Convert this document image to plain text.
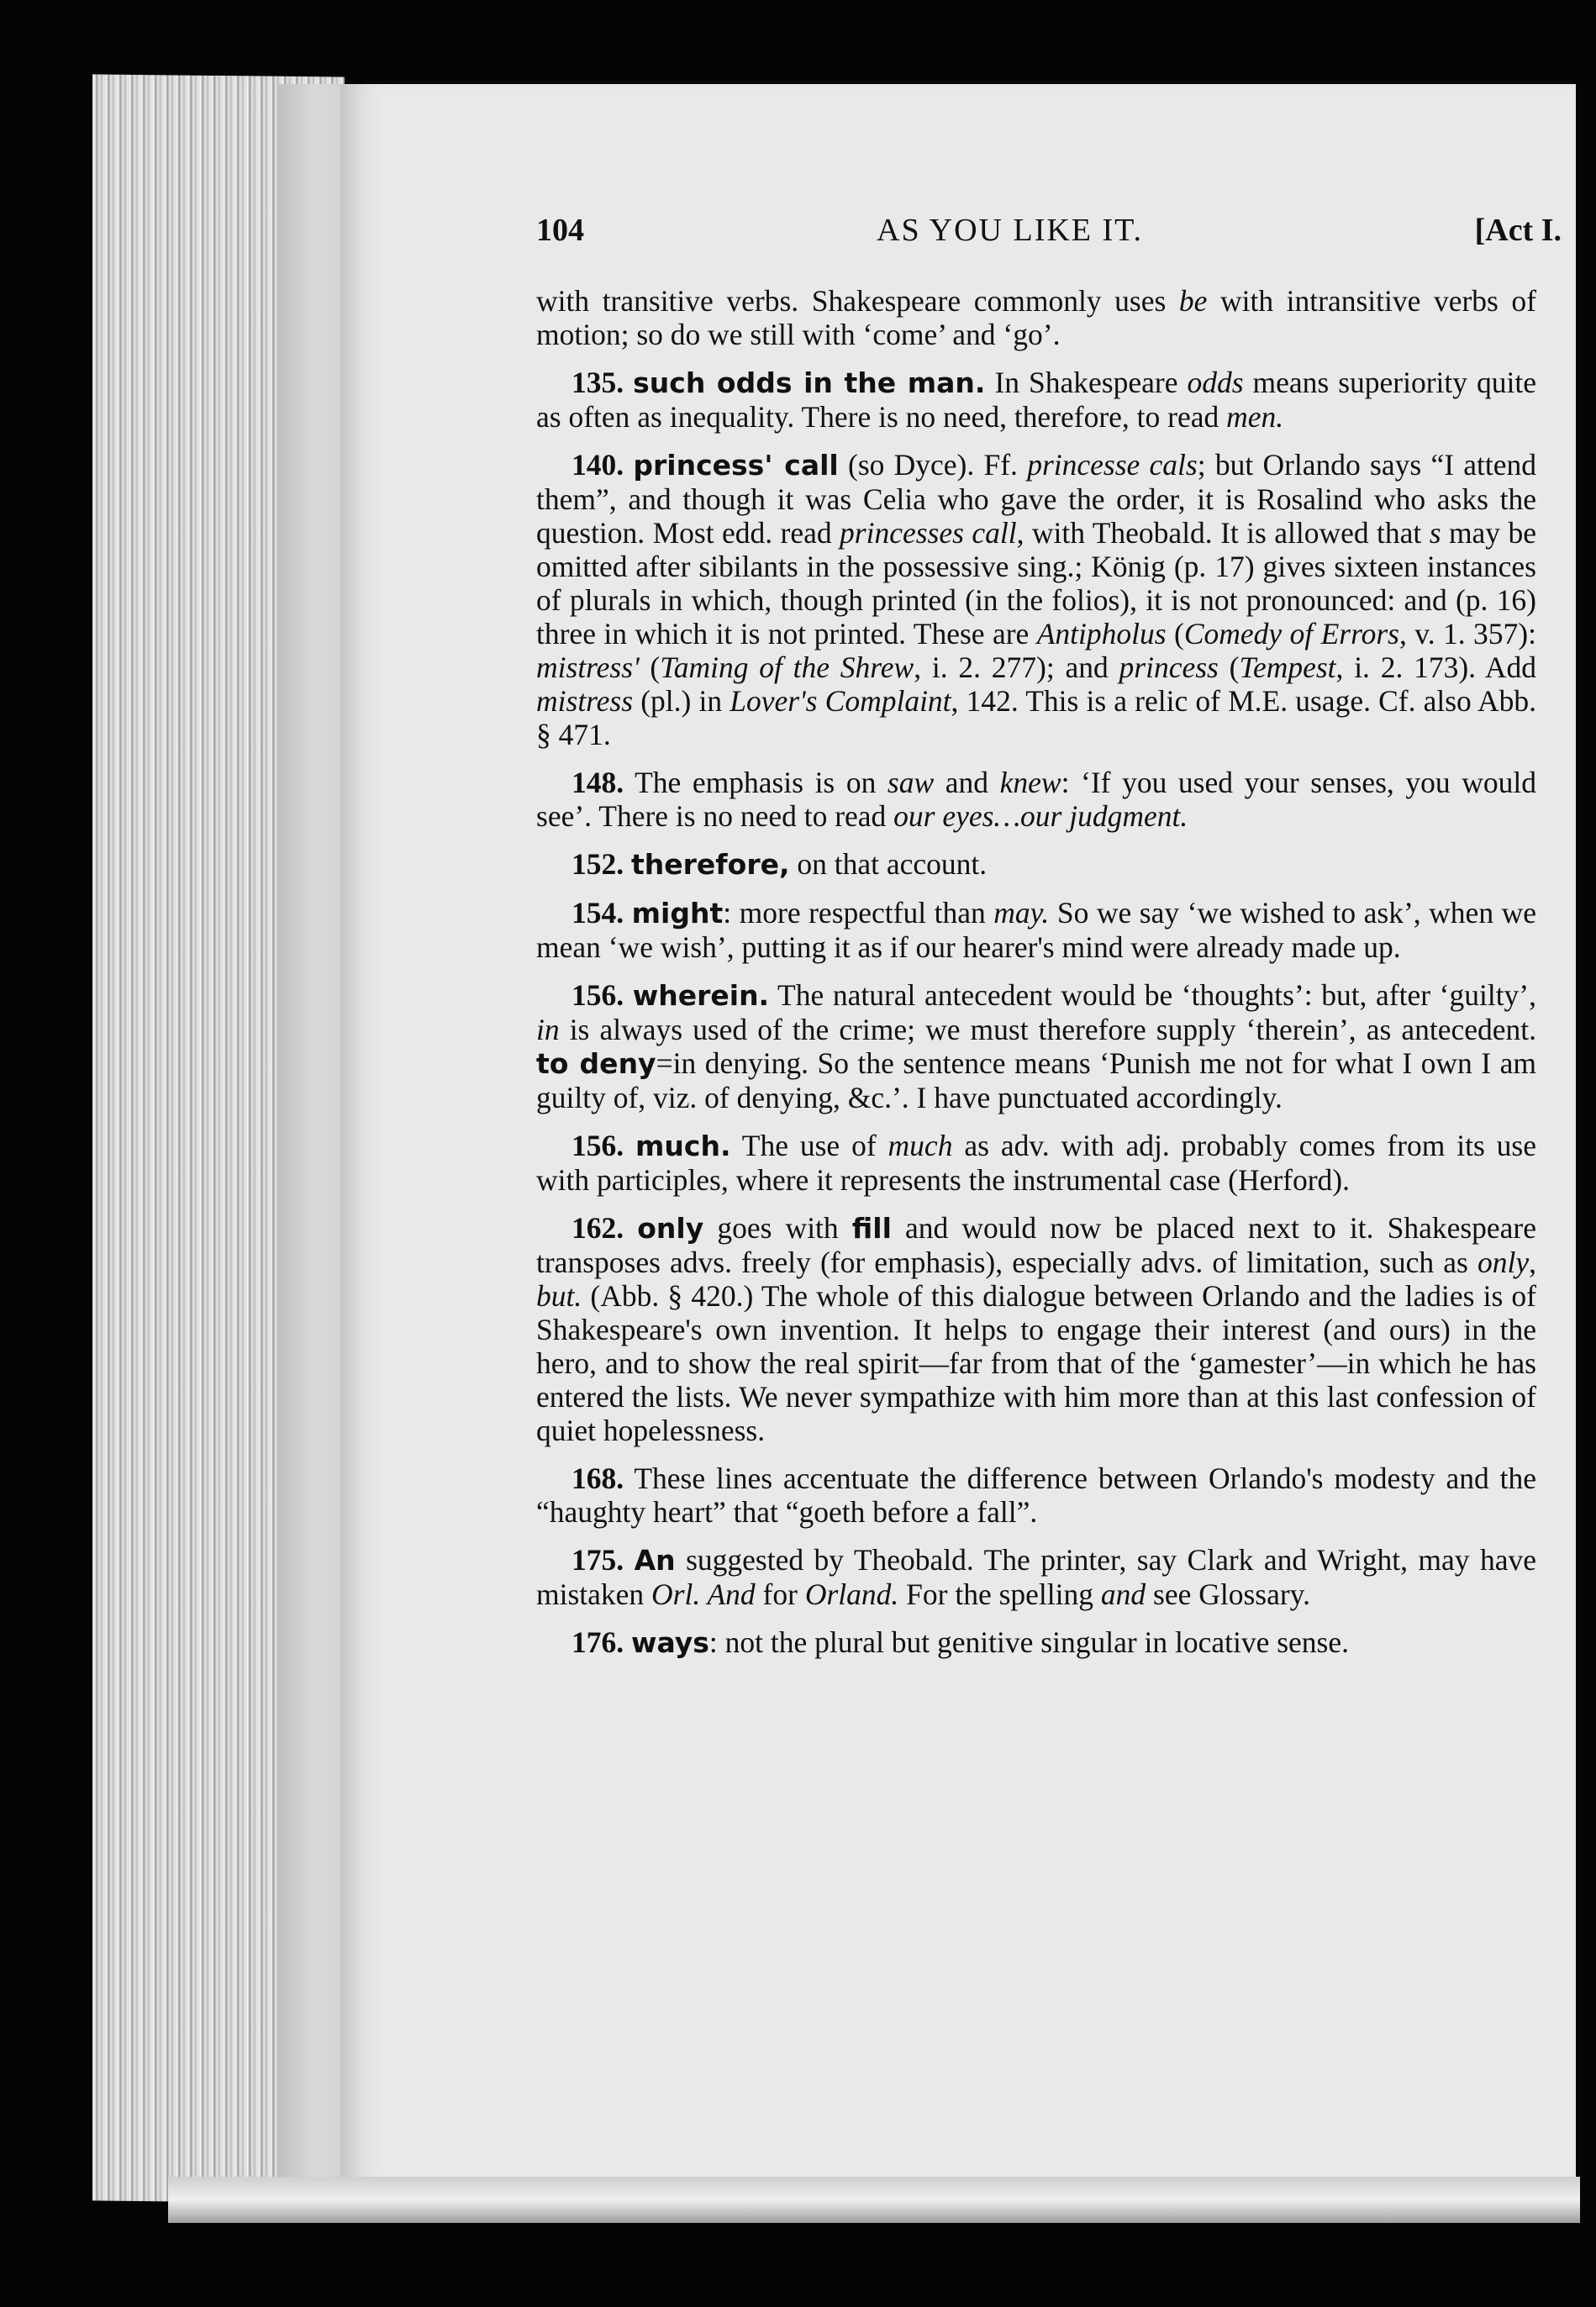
104	AS YOU LIKE IT.	[Act I.

with transitive verbs. Shakespeare commonly uses be with intransitive verbs of motion; so do we still with ‘come’ and ‘go’.

135. such odds in the man. In Shakespeare odds means superiority quite as often as inequality. There is no need, therefore, to read men.

140. princess' call (so Dyce). Ff. princesse cals; but Orlando says “I attend them”, and though it was Celia who gave the order, it is Rosalind who asks the question. Most edd. read princesses call, with Theobald. It is allowed that s may be omitted after sibilants in the possessive sing.; König (p. 17) gives sixteen instances of plurals in which, though printed (in the folios), it is not pronounced: and (p. 16) three in which it is not printed. These are Antipholus (Comedy of Errors, v. 1. 357): mistress' (Taming of the Shrew, i. 2. 277); and princess (Tempest, i. 2. 173). Add mistress (pl.) in Lover's Complaint, 142. This is a relic of M.E. usage. Cf. also Abb. § 471.

148. The emphasis is on saw and knew: ‘If you used your senses, you would see’. There is no need to read our eyes…our judgment.

152. therefore, on that account.

154. might: more respectful than may. So we say ‘we wished to ask’, when we mean ‘we wish’, putting it as if our hearer's mind were already made up.

156. wherein. The natural antecedent would be ‘thoughts’: but, after ‘guilty’, in is always used of the crime; we must therefore supply ‘therein’, as antecedent. to deny=in denying. So the sentence means ‘Punish me not for what I own I am guilty of, viz. of denying, &c.’. I have punctuated accordingly.

156. much. The use of much as adv. with adj. probably comes from its use with participles, where it represents the instrumental case (Herford).

162. only goes with fill and would now be placed next to it. Shakespeare transposes advs. freely (for emphasis), especially advs. of limitation, such as only, but. (Abb. § 420.) The whole of this dialogue between Orlando and the ladies is of Shakespeare's own invention. It helps to engage their interest (and ours) in the hero, and to show the real spirit—far from that of the ‘gamester’—in which he has entered the lists. We never sympathize with him more than at this last confession of quiet hopelessness.

168. These lines accentuate the difference between Orlando's modesty and the “haughty heart” that “goeth before a fall”.

175. An suggested by Theobald. The printer, say Clark and Wright, may have mistaken Orl. And for Orland. For the spelling and see Glossary.

176. ways: not the plural but genitive singular in locative sense.
